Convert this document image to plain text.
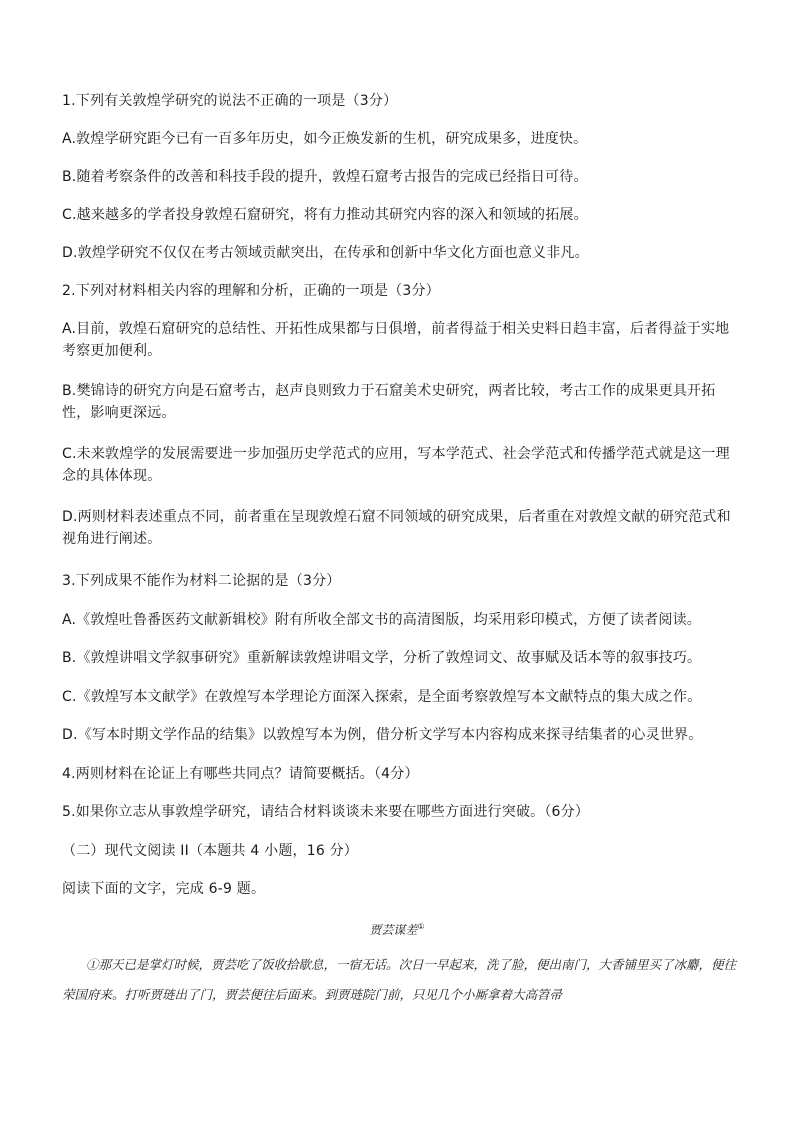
1.下列有关敦煌学研究的说法不正确的一项是（3分）
A.敦煌学研究距今已有一百多年历史，如今正焕发新的生机，研究成果多，进度快。
B.随着考察条件的改善和科技手段的提升，敦煌石窟考古报告的完成已经指日可待。
C.越来越多的学者投身敦煌石窟研究，将有力推动其研究内容的深入和领域的拓展。
D.敦煌学研究不仅仅在考古领域贡献突出，在传承和创新中华文化方面也意义非凡。
2.下列对材料相关内容的理解和分析，正确的一项是（3分）
A.目前，敦煌石窟研究的总结性、开拓性成果都与日俱增，前者得益于相关史料日趋丰富，后者得益于实地考察更加便利。
B.樊锦诗的研究方向是石窟考古，赵声良则致力于石窟美术史研究，两者比较，考古工作的成果更具开拓性，影响更深远。
C.未来敦煌学的发展需要进一步加强历史学范式的应用，写本学范式、社会学范式和传播学范式就是这一理念的具体体现。
D.两则材料表述重点不同，前者重在呈现敦煌石窟不同领域的研究成果，后者重在对敦煌文献的研究范式和视角进行阐述。
3.下列成果不能作为材料二论据的是（3分）
A.《敦煌吐鲁番医药文献新辑校》附有所收全部文书的高清图版，均采用彩印模式，方便了读者阅读。
B.《敦煌讲唱文学叙事研究》重新解读敦煌讲唱文学，分析了敦煌词文、故事赋及话本等的叙事技巧。
C.《敦煌写本文献学》在敦煌写本学理论方面深入探索，是全面考察敦煌写本文献特点的集大成之作。
D.《写本时期文学作品的结集》以敦煌写本为例，借分析文学写本内容构成来探寻结集者的心灵世界。
4.两则材料在论证上有哪些共同点？请简要概括。（4分）
5.如果你立志从事敦煌学研究，请结合材料谈谈未来要在哪些方面进行突破。（6分）
（二）现代文阅读 II（本题共 4 小题，16 分）
阅读下面的文字，完成 6-9 题。
贾芸谋差①
①那天已是掌灯时候，贾芸吃了饭收拾歇息，一宿无话。次日一早起来，洗了脸，便出南门，大香铺里买了冰麝，便往荣国府来。打听贾琏出了门，贾芸便往后面来。到贾琏院门前，只见几个小厮拿着大高笤帚
